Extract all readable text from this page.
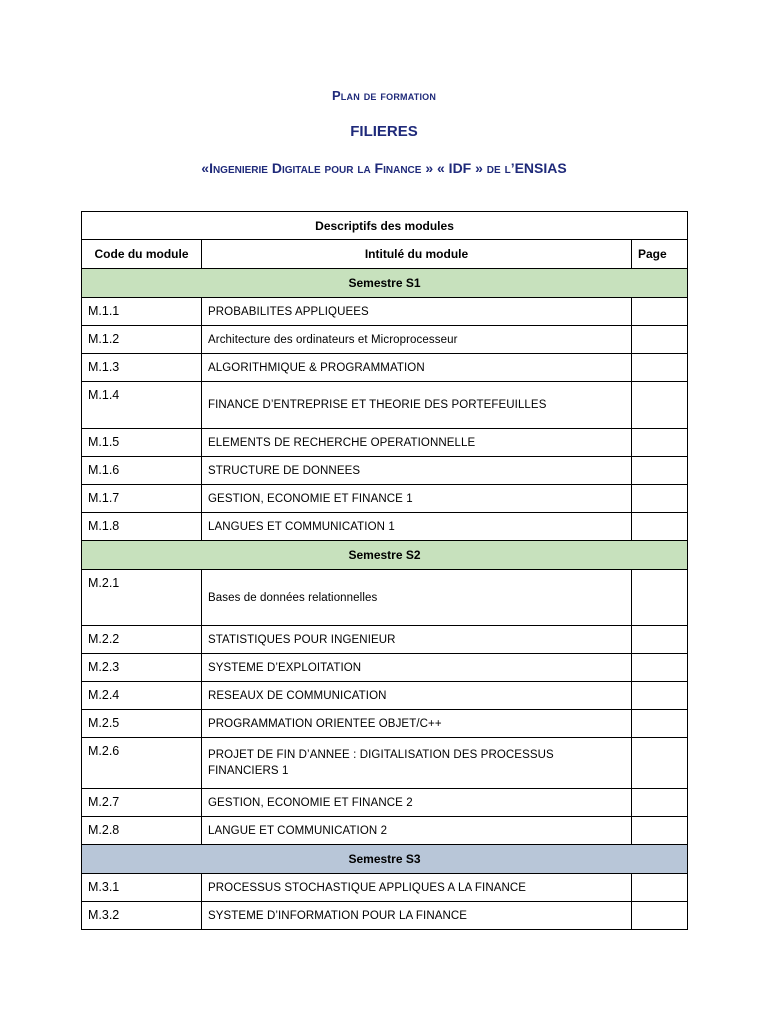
Plan de formation
FILIERES
«Ingenierie Digitale pour la Finance » « IDF » de l’ENSIAS
Descriptifs des modules		
Code du module	Intitulé du module	Page
Semestre S1		
M.1.1	PROBABILITES APPLIQUEES	
M.1.2	Architecture des ordinateurs et Microprocesseur	
M.1.3	ALGORITHMIQUE & PROGRAMMATION	
M.1.4	FINANCE D’ENTREPRISE ET THEORIE DES PORTEFEUILLES	
M.1.5	ELEMENTS DE RECHERCHE OPERATIONNELLE	
M.1.6	STRUCTURE DE DONNEES	
M.1.7	GESTION, ECONOMIE ET FINANCE 1	
M.1.8	LANGUES ET COMMUNICATION 1	
Semestre S2		
M.2.1	Bases de données relationnelles	
M.2.2	STATISTIQUES POUR INGENIEUR	
M.2.3	SYSTEME D’EXPLOITATION	
M.2.4	RESEAUX DE COMMUNICATION	
M.2.5	PROGRAMMATION ORIENTEE OBJET/C++	
M.2.6	PROJET DE FIN D’ANNEE : DIGITALISATION DES PROCESSUS FINANCIERS 1	
M.2.7	GESTION, ECONOMIE ET FINANCE 2	
M.2.8	LANGUE ET COMMUNICATION 2	
Semestre S3		
M.3.1	PROCESSUS STOCHASTIQUE APPLIQUES A LA FINANCE	
M.3.2	SYSTEME D’INFORMATION POUR LA FINANCE	
